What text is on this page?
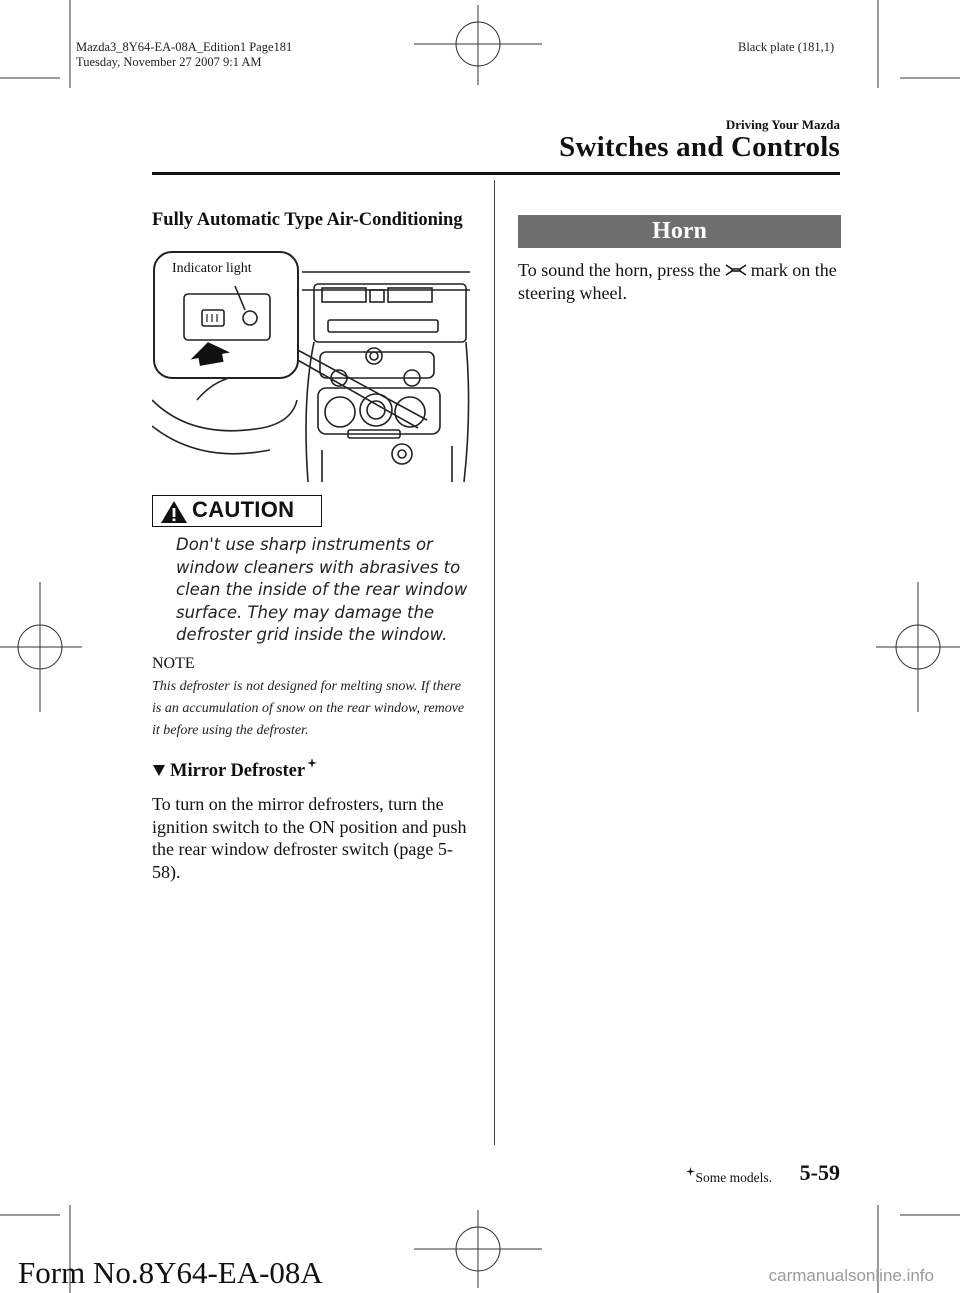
Mazda3_8Y64-EA-08A_Edition1 Page181
Tuesday, November 27 2007 9:1 AM
Black plate (181,1)
Driving Your Mazda
Switches and Controls
Fully Automatic Type Air-Conditioning
Indicator light
CAUTION
Don't use sharp instruments or window cleaners with abrasives to clean the inside of the rear window surface. They may damage the defroster grid inside the window.
NOTE
This defroster is not designed for melting snow. If there is an accumulation of snow on the rear window, remove it before using the defroster.
Mirror Defroster
To turn on the mirror defrosters, turn the ignition switch to the ON position and push the rear window defroster switch (page 5-58).
Horn
To sound the horn, press the mark on the steering wheel.
Some models. 5-59
Form No.8Y64-EA-08A	carmanualsonline.info
